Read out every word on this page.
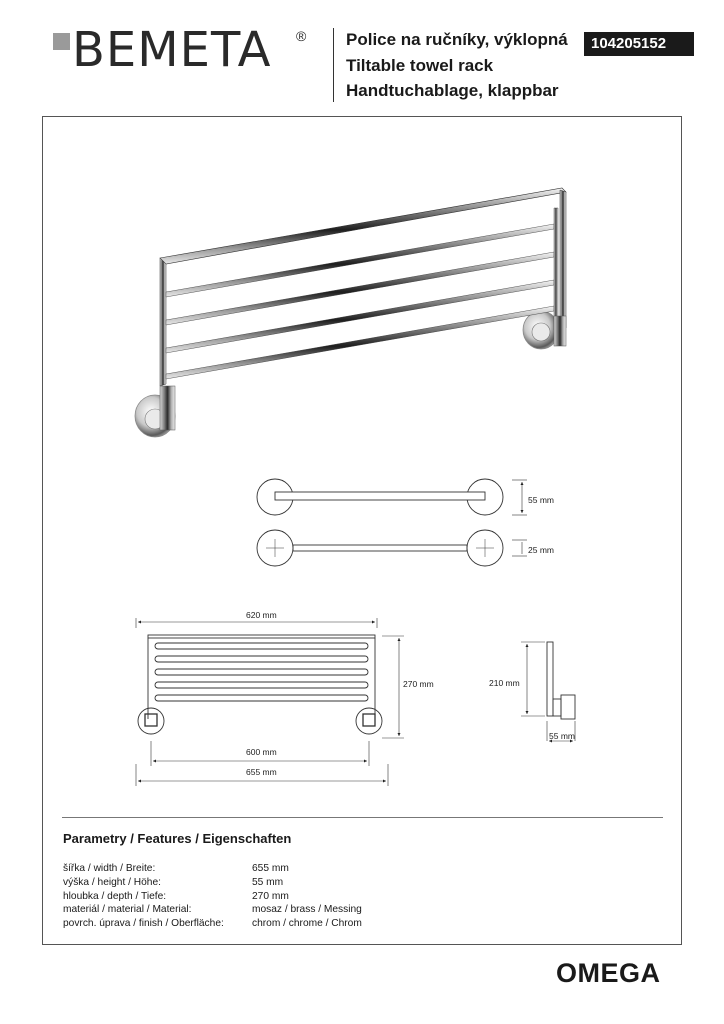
BEMETA ® Police na ručníky, výklopná
Tiltable towel rack
Handtuchablage, klappbar
104205152
55 mm
25 mm
620 mm
270 mm
600 mm
655 mm
210 mm
55 mm
Parametry / Features / Eigenschaften
šířka / width / Breite:	655 mm
výška / height / Höhe:	55 mm
hloubka / depth / Tiefe:	270 mm
materiál / material / Material:	mosaz / brass / Messing
povrch. úprava / finish / Oberfläche:	chrom / chrome / Chrom
OMEGA
